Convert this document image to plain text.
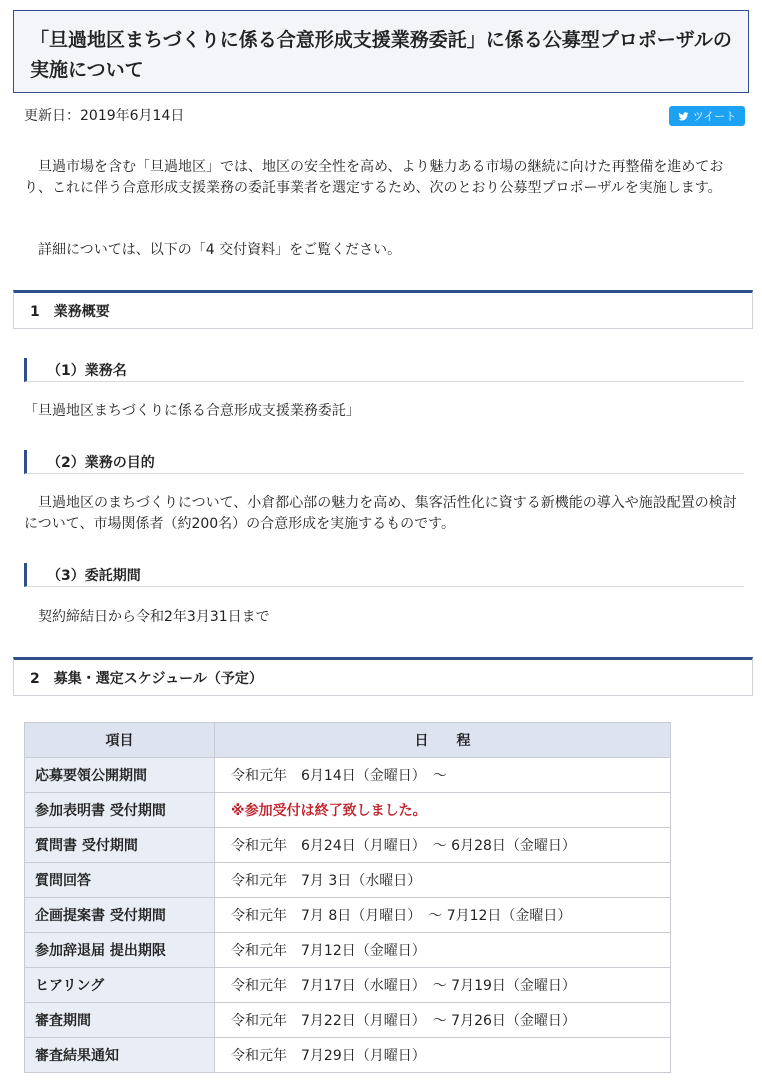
「旦過地区まちづくりに係る合意形成支援業務委託」に係る公募型プロポーザルの実施について
更新日：2019年6月14日	ツイート

旦過市場を含む「旦過地区」では、地区の安全性を高め、より魅力ある市場の継続に向けた再整備を進めており、これに伴う合意形成支援業務の委託事業者を選定するため、次のとおり公募型プロポーザルを実施します。

詳細については、以下の「4 交付資料」をご覧ください。

1　業務概要
（1）業務名

「旦過地区まちづくりに係る合意形成支援業務委託」

（2）業務の目的

旦過地区のまちづくりについて、小倉都心部の魅力を高め、集客活性化に資する新機能の導入や施設配置の検討について、市場関係者（約200名）の合意形成を実施するものです。

（3）委託期間

契約締結日から令和2年3月31日まで

2　募集・選定スケジュール（予定）
項目	日　　程
応募要領公開期間	令和元年　6月14日（金曜日）　～
参加表明書 受付期間	※参加受付は終了致しました。
質問書 受付期間	令和元年　6月24日（月曜日）　～ 6月28日（金曜日）
質問回答	令和元年　7月 3日（水曜日）
企画提案書 受付期間	令和元年　7月 8日（月曜日）　～ 7月12日（金曜日）
参加辞退届 提出期限	令和元年　7月12日（金曜日）
ヒアリング	令和元年　7月17日（水曜日）　～ 7月19日（金曜日）
審査期間	令和元年　7月22日（月曜日）　～ 7月26日（金曜日）
審査結果通知	令和元年　7月29日（月曜日）
